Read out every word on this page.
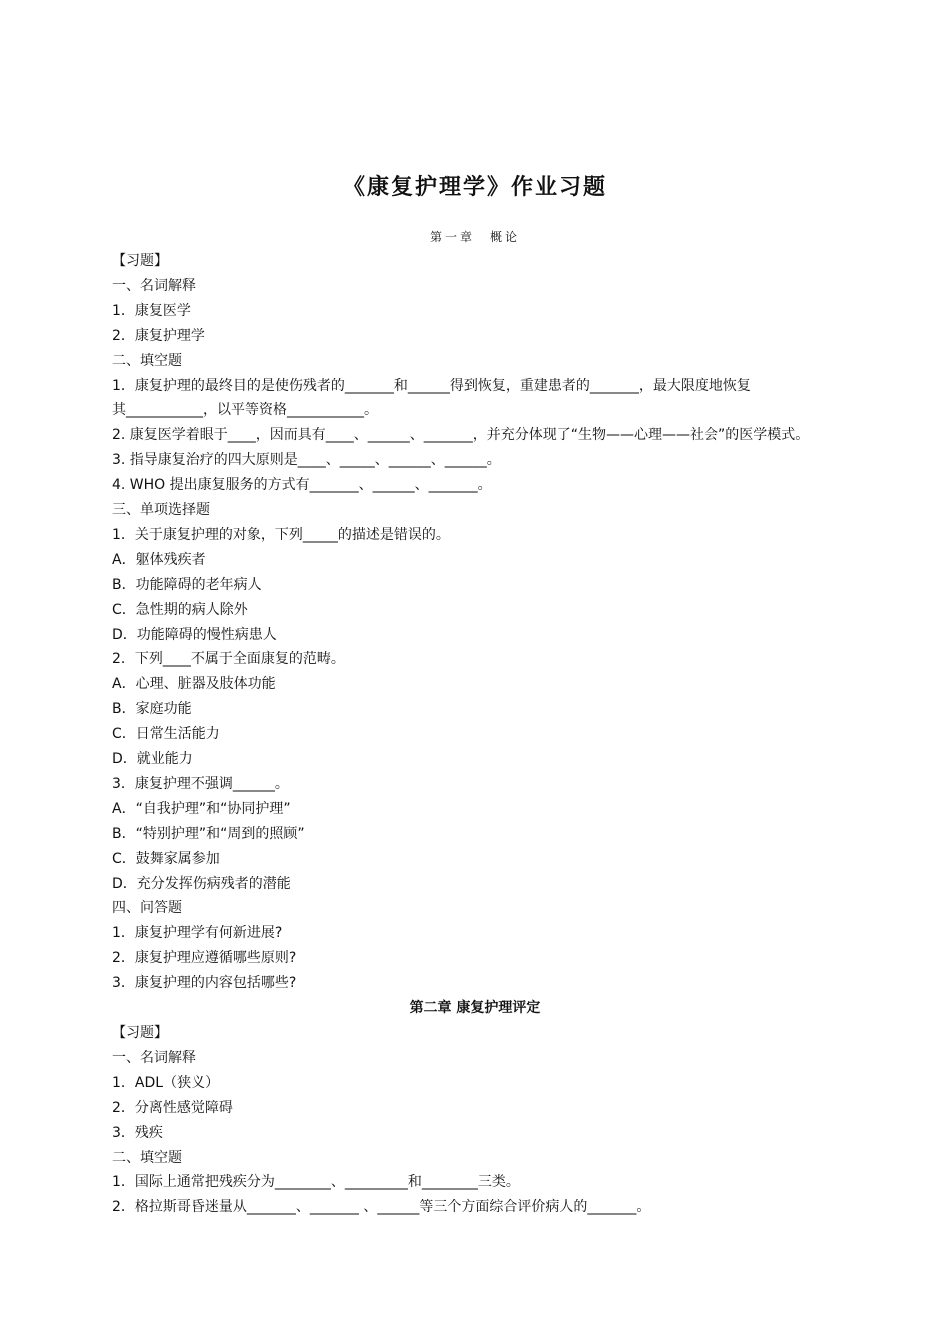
《康复护理学》作业习题
第一章　概论
【习题】
一、名词解释
1．康复医学
2．康复护理学
二、填空题
1．康复护理的最终目的是使伤残者的_______和______得到恢复，重建患者的_______，最大限度地恢复
其___________，以平等资格___________。
2. 康复医学着眼于____，因而具有____、______、_______，并充分体现了“生物——心理——社会”的医学模式。
3. 指导康复治疗的四大原则是____、_____、______、______。
4. WHO 提出康复服务的方式有_______、______、_______。
三、单项选择题
1．关于康复护理的对象，下列_____的描述是错误的。
A．躯体残疾者
B．功能障碍的老年病人
C．急性期的病人除外
D．功能障碍的慢性病患人
2．下列____不属于全面康复的范畴。
A．心理、脏器及肢体功能
B．家庭功能
C．日常生活能力
D．就业能力
3．康复护理不强调______。
A．“自我护理”和“协同护理”
B．“特别护理”和“周到的照顾”
C．鼓舞家属参加
D．充分发挥伤病残者的潜能
四、问答题
1．康复护理学有何新进展?
2．康复护理应遵循哪些原则?
3．康复护理的内容包括哪些?
第二章 康复护理评定
【习题】
一、名词解释
1．ADL（狭义）
2．分离性感觉障碍
3．残疾
二、填空题
1．国际上通常把残疾分为________、_________和________三类。
2．格拉斯哥昏迷量从_______、_______ 、______等三个方面综合评价病人的_______。
